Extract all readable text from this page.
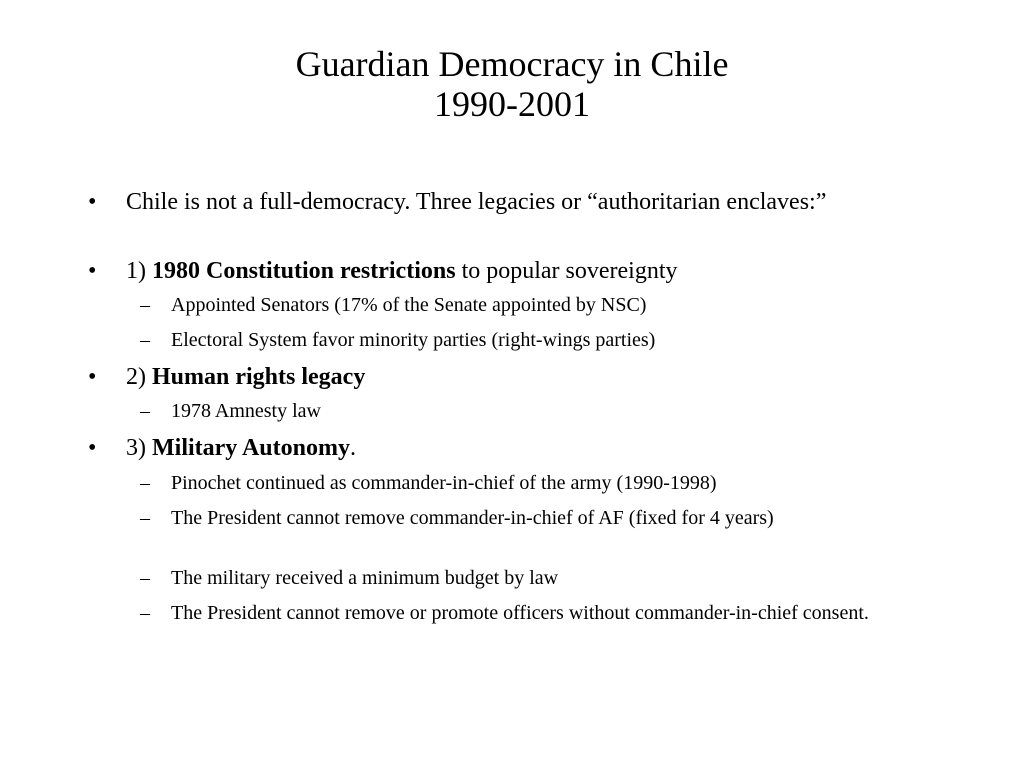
Guardian Democracy in Chile
1990-2001
• Chile is not a full-democracy. Three legacies or “authoritarian enclaves:”
• 1) 1980 Constitution restrictions to popular sovereignty
– Appointed Senators (17% of the Senate appointed by NSC)
– Electoral System favor minority parties (right-wings parties)
• 2) Human rights legacy
– 1978 Amnesty law
• 3) Military Autonomy.
– Pinochet continued as commander-in-chief of the army (1990-1998)
– The President cannot remove commander-in-chief of AF (fixed for 4 years)
– The military received a minimum budget by law
– The President cannot remove or promote officers without commander-in-chief consent.
